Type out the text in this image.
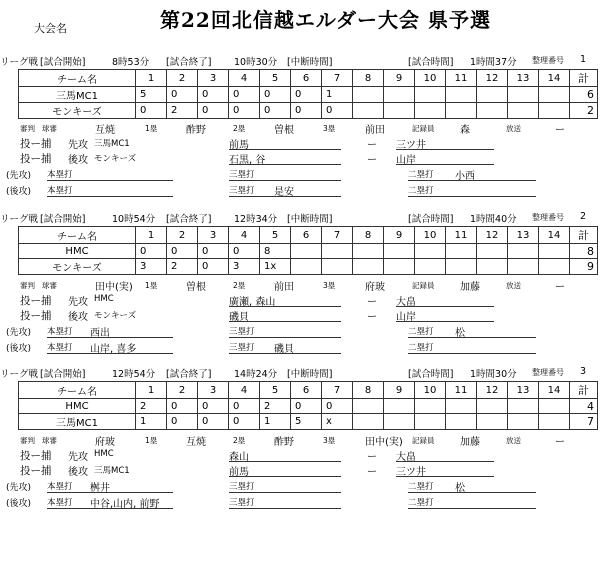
大会名	第22回北信越エルダー大会 県予選
リーグ戦 [試合開始]	8時53分 [試合終了] 10時30分 [中断時間]	[試合時間] 1時間37分 整理番号 1
チーム名	1	2	3	4	5	6	7	8	9	10	11	12	13	14	計
三馬MC1	5	0	0	0	0	0	1								6
モンキーズ	0	2	0	0	0	0	0								2
審判 球審	互焼	1塁	酢野	2塁	曽根	3塁	前田	記録員	森	放送	ー
投ー捕 先攻 三馬MC1	前馬	ー 三ツ井
投ー捕 後攻 モンキーズ	石黒, 谷	ー 山岸
(先攻) 本塁打	三塁打	二塁打 小西
(後攻) 本塁打	三塁打 是安	二塁打
リーグ戦 [試合開始]	10時54分 [試合終了] 12時34分 [中断時間]	[試合時間] 1時間40分 整理番号 2
チーム名	1	2	3	4	5	6	7	8	9	10	11	12	13	14	計
HMC	0	0	0	0	8										8
モンキーズ	3	2	0	3	1x										9
審判 球審	田中(実) 1塁	曽根	2塁	前田	3塁	府玻	記録員	加藤	放送	ー
投ー捕 先攻 HMC	廣瀬, 森山	ー 大畠
投ー捕 後攻 モンキーズ	磯貝	ー 山岸
(先攻) 本塁打 西出	三塁打	二塁打 松
(後攻) 本塁打 山岸, 喜多	三塁打 磯貝	二塁打
リーグ戦 [試合開始]	12時54分 [試合終了] 14時24分 [中断時間]	[試合時間] 1時間30分 整理番号 3
チーム名	1	2	3	4	5	6	7	8	9	10	11	12	13	14	計
HMC	2	0	0	0	2	0	0								4
三馬MC1	1	0	0	0	1	5	x								7
審判 球審	府玻	1塁	互焼	2塁	酢野	3塁	田中(実) 記録員	加藤	放送	ー
投ー捕 先攻 HMC	森山	ー 大畠
投ー捕 後攻 三馬MC1	前馬	ー 三ツ井
(先攻) 本塁打 桝井	三塁打	二塁打 松
(後攻) 本塁打 中谷,山内, 前野	三塁打	二塁打
